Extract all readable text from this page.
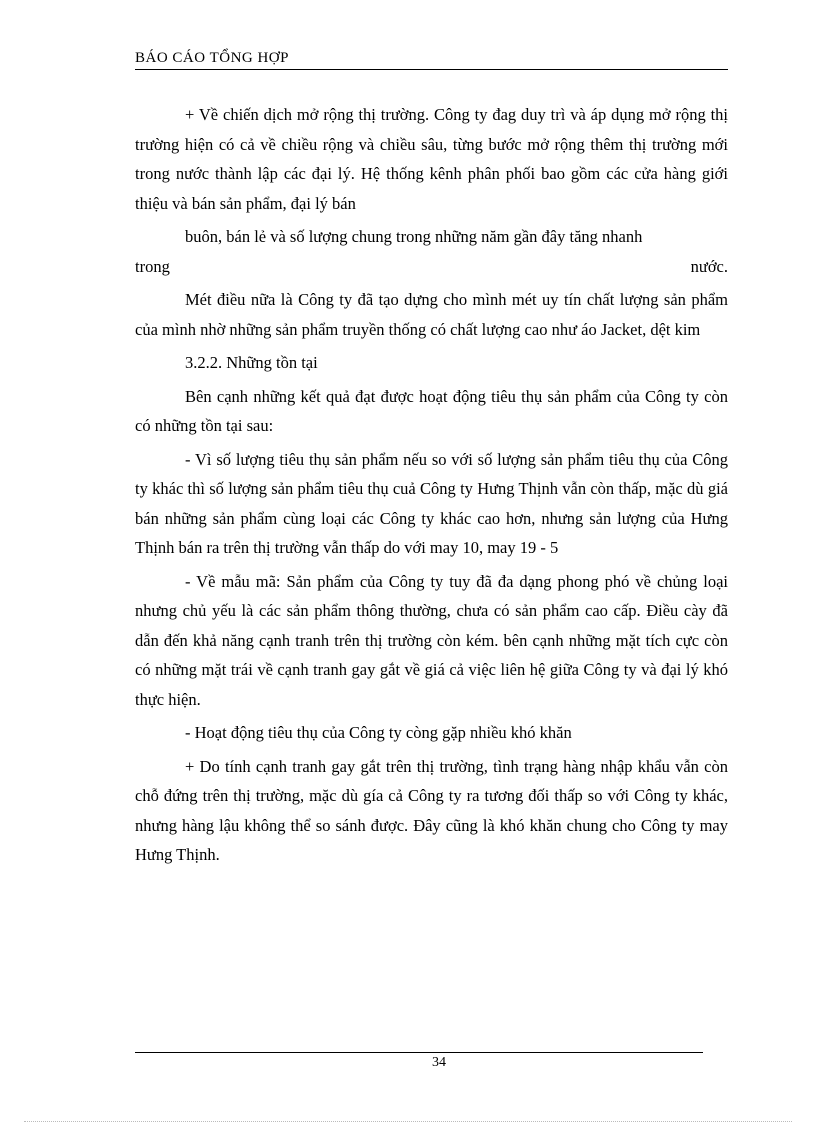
BÁO CÁO TỔNG HỢP

+ Về chiến dịch mở rộng thị trường. Công ty đag duy trì và áp dụng mở rộng thị trường hiện có cả về chiều rộng và chiều sâu, từng bước mở rộng thêm thị trường mới trong nước thành lập các đại lý. Hệ thống kênh phân phối bao gồm các cửa hàng giới thiệu và bán sản phẩm, đại lý bán

buôn, bán lẻ và số lượng chung trong những năm gần đây tăng nhanh

trong	nước.

Mét điều nữa là Công ty đã tạo dựng cho mình mét uy tín chất lượng sản phẩm của mình nhờ những sản phẩm truyền thống có chất lượng cao như áo Jacket, dệt kim

3.2.2. Những tồn tại

Bên cạnh những kết quả đạt được hoạt động tiêu thụ sản phẩm của Công ty còn có những tồn tại sau:

- Vì số lượng tiêu thụ sản phẩm nếu so với số lượng sản phẩm tiêu thụ của Công ty khác thì số lượng sản phẩm tiêu thụ cuả Công ty Hưng Thịnh vẫn còn thấp, mặc dù giá bán những sản phẩm cùng loại các Công ty khác cao hơn, nhưng sản lượng của Hưng Thịnh bán ra trên thị trường vẫn thấp do với may 10, may 19 - 5

- Về mẫu mã: Sản phẩm của Công ty tuy đã đa dạng phong phó về chủng loại nhưng chủ yếu là các sản phẩm thông thường, chưa có sản phẩm cao cấp. Điều cày đã dẫn đến khả năng cạnh tranh trên thị trường còn kém. bên cạnh những mặt tích cực còn có những mặt trái về cạnh tranh gay gắt về giá cả việc liên hệ giữa Công ty và đại lý khó thực hiện.

- Hoạt động tiêu thụ của Công ty còng gặp nhiều khó khăn

+ Do tính cạnh tranh gay gắt trên thị trường, tình trạng hàng nhập khẩu vẫn còn chỗ đứng trên thị trường, mặc dù gía cả Công ty ra tương đối thấp so với Công ty khác, nhưng hàng lậu không thể so sánh được. Đây cũng là khó khăn chung cho Công ty may Hưng Thịnh.

34
